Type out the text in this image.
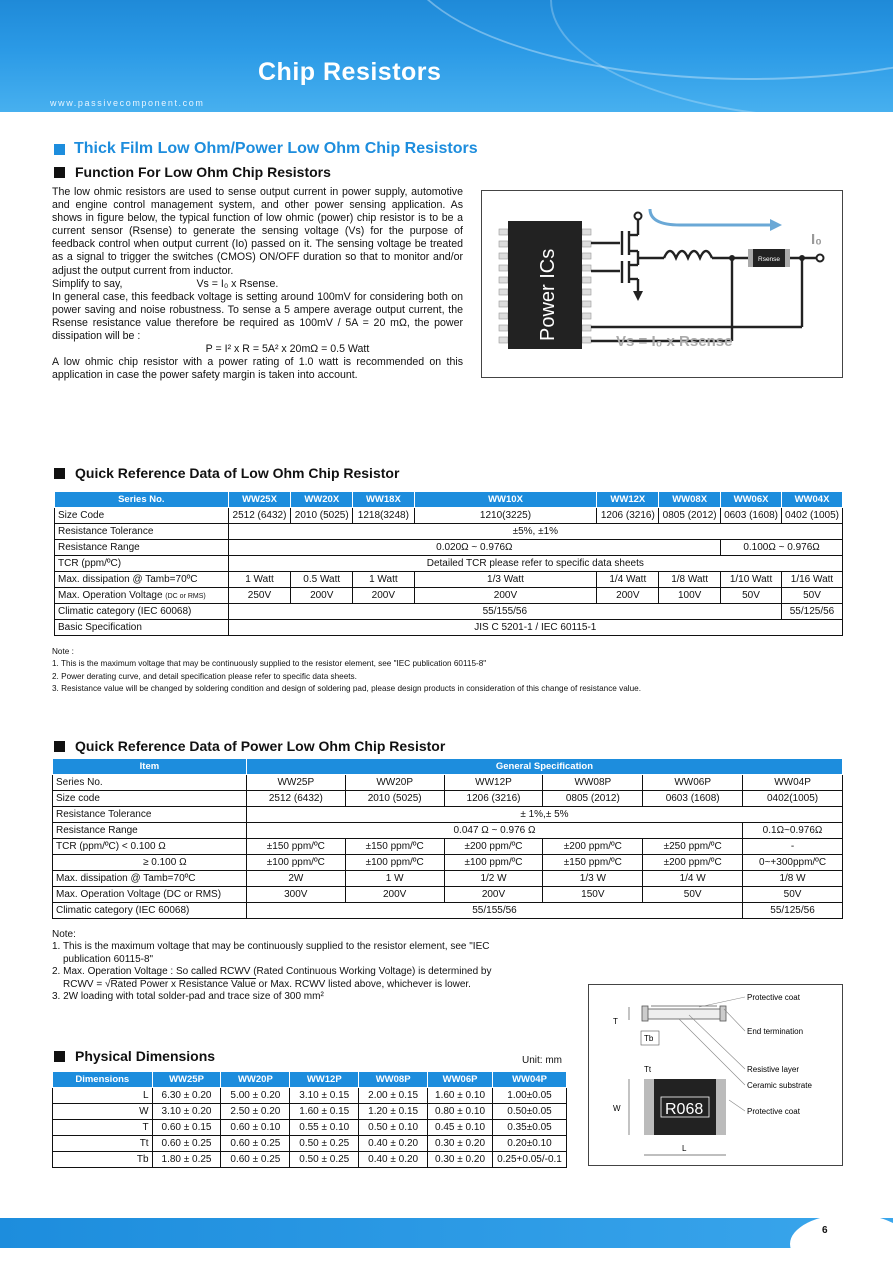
Chip Resistors
www.passivecomponent.com
Thick Film Low Ohm/Power Low Ohm Chip Resistors
Function For Low Ohm Chip Resistors

The low ohmic resistors are used to sense output current in power supply, automotive and engine control management system, and other power sensing application. As shows in figure below, the typical function of low ohmic (power) chip resistor is to be a current sensor (Rsense) to generate the sensing voltage (Vs) for the purpose of feedback control when output current (Io) passed on it. The sensing voltage be treated as a signal to trigger the switches (CMOS) ON/OFF duration so that to monitor and/or adjust the output current from inductor.

Simplify to say,	Vs = I₀ x Rsense.

In general case, this feedback voltage is setting around 100mV for considering both on power saving and noise robustness. To sense a 5 ampere average output current, the Rsense resistance value therefore be required as 100mV / 5A = 20 mΩ, the power dissipation will be :

P = I² x R = 5A² x 20mΩ = 0.5 Watt

A low ohmic chip resistor with a power rating of 1.0 watt is recommended on this application in case the power safety margin is taken into account.

Power ICs	Rsense
I₀
Vs = I₀ x Rsense
Quick Reference Data of Low Ohm Chip Resistor
Series No.	WW25X	WW20X	WW18X	WW10X	WW12X	WW08X	WW06X	WW04X
Size Code	2512 (6432)	2010 (5025)	1218(3248)	1210(3225)	1206 (3216)	0805 (2012)	0603 (1608)	0402 (1005)
Resistance Tolerance	±5%, ±1%							
Resistance Range	0.020Ω ~ 0.976Ω						0.100Ω ~ 0.976Ω	
TCR (ppm/ºC)	Detailed TCR please refer to specific data sheets							
Max. dissipation @ Tamb=70ºC	1 Watt	0.5 Watt	1 Watt	1/3 Watt	1/4 Watt	1/8 Watt	1/10 Watt	1/16 Watt
Max. Operation Voltage (DC or RMS)	250V	200V	200V	200V	200V	100V	50V	50V
Climatic category (IEC 60068)	55/155/56							55/125/56
Basic Specification	JIS C 5201-1 / IEC 60115-1							
Note :
1. This is the maximum voltage that may be continuously supplied to the resistor element, see "IEC publication 60115-8"
2. Power derating curve, and detail specification please refer to specific data sheets.
3. Resistance value will be changed by soldering condition and design of soldering pad, please design products in consideration of this change of resistance value.
Quick Reference Data of Power Low Ohm Chip Resistor
Item	General Specification					
Series No.	WW25P	WW20P	WW12P	WW08P	WW06P	WW04P
Size code	2512 (6432)	2010 (5025)	1206 (3216)	0805 (2012)	0603 (1608)	0402(1005)
Resistance Tolerance	± 1%,± 5%					
Resistance Range	0.047 Ω ~ 0.976 Ω					0.1Ω~0.976Ω
TCR (ppm/ºC) < 0.100 Ω	±150 ppm/ºC	±150 ppm/ºC	±200 ppm/ºC	±200 ppm/ºC	±250 ppm/ºC	-
≥ 0.100 Ω	±100 ppm/ºC	±100 ppm/ºC	±100 ppm/ºC	±150 ppm/ºC	±200 ppm/ºC	0~+300ppm/ºC
Max. dissipation @ Tamb=70ºC	2W	1 W	1/2 W	1/3 W	1/4 W	1/8 W
Max. Operation Voltage (DC or RMS)	300V	200V	200V	150V	50V	50V
Climatic category (IEC 60068)	55/155/56					55/125/56
Note:
1. This is the maximum voltage that may be continuously supplied to the resistor element, see "IEC
publication 60115-8"
2. Max. Operation Voltage : So called RCWV (Rated Continuous Working Voltage) is determined by
RCWV = √Rated Power x Resistance Value or Max. RCWV listed above, whichever is lower.
3. 2W loading with total solder-pad and trace size of 300 mm²
Physical Dimensions	Unit: mm
Dimensions	WW25P	WW20P	WW12P	WW08P	WW06P	WW04P
L	6.30 ± 0.20	5.00 ± 0.20	3.10 ± 0.15	2.00 ± 0.15	1.60 ± 0.10	1.00±0.05
W	3.10 ± 0.20	2.50 ± 0.20	1.60 ± 0.15	1.20 ± 0.15	0.80 ± 0.10	0.50±0.05
T	0.60 ± 0.15	0.60 ± 0.10	0.55 ± 0.10	0.50 ± 0.10	0.45 ± 0.10	0.35±0.05
Tt	0.60 ± 0.25	0.60 ± 0.25	0.50 ± 0.25	0.40 ± 0.20	0.30 ± 0.20	0.20±0.10
Tb	1.80 ± 0.25	0.60 ± 0.25	0.50 ± 0.25	0.40 ± 0.20	0.30 ± 0.20	0.25+0.05/-0.1
Protective coat
End termination
Resistive layer
Ceramic substrate
Protective coat
T
Tb
Tt
R068
W
L
6
